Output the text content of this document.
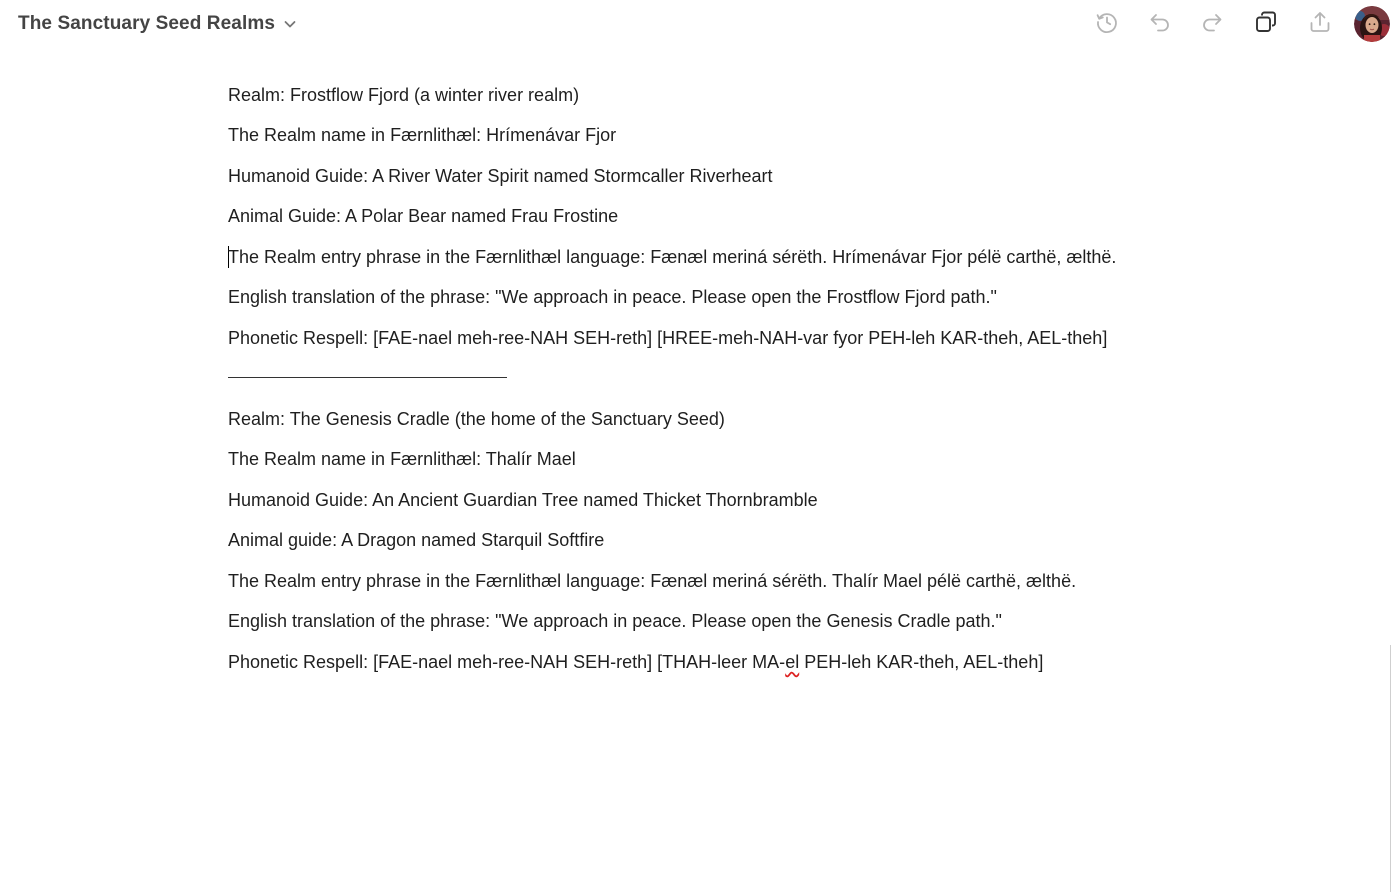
The Sanctuary Seed Realms
Realm: Frostflow Fjord (a winter river realm)
The Realm name in Færnlithæl: Hrímenávar Fjor
Humanoid Guide: A River Water Spirit named Stormcaller Riverheart
Animal Guide: A Polar Bear named Frau Frostine
The Realm entry phrase in the Færnlithæl language: Fænæl meriná sérëth. Hrímenávar Fjor pélë carthë, ælthë.
English translation of the phrase: "We approach in peace. Please open the Frostflow Fjord path."
Phonetic Respell: [FAE-nael meh-ree-NAH SEH-reth] [HREE-meh-NAH-var fyor PEH-leh KAR-theh, AEL-theh]
Realm: The Genesis Cradle (the home of the Sanctuary Seed)
The Realm name in Færnlithæl: Thalír Mael
Humanoid Guide: An Ancient Guardian Tree named Thicket Thornbramble
Animal guide: A Dragon named Starquil Softfire
The Realm entry phrase in the Færnlithæl language: Fænæl meriná sérëth. Thalír Mael pélë carthë, ælthë.
English translation of the phrase: "We approach in peace. Please open the Genesis Cradle path."
Phonetic Respell: [FAE-nael meh-ree-NAH SEH-reth] [THAH-leer MA-el PEH-leh KAR-theh, AEL-theh]
